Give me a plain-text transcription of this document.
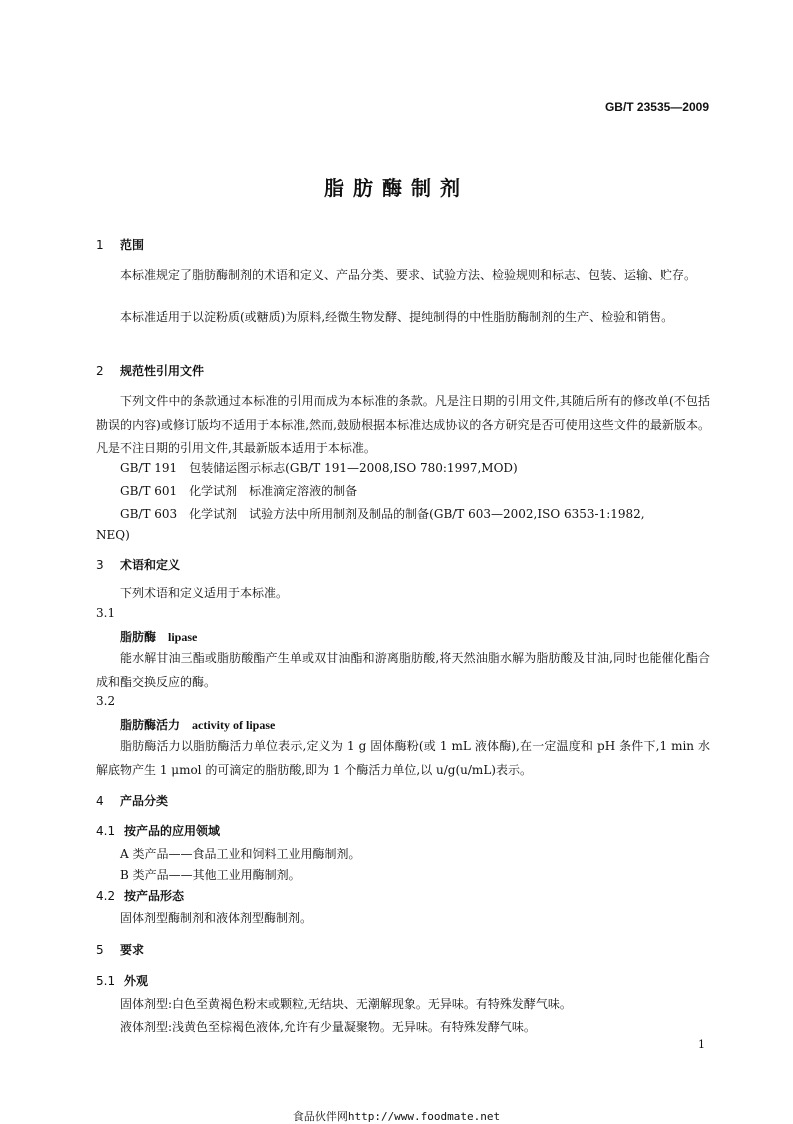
GB/T 23535—2009
脂肪酶制剂
1 范围
本标准规定了脂肪酶制剂的术语和定义、产品分类、要求、试验方法、检验规则和标志、包装、运输、贮存。
本标准适用于以淀粉质(或糖质)为原料,经微生物发酵、提纯制得的中性脂肪酶制剂的生产、检验和销售。
2 规范性引用文件
下列文件中的条款通过本标准的引用而成为本标准的条款。凡是注日期的引用文件,其随后所有的修改单(不包括勘误的内容)或修订版均不适用于本标准,然而,鼓励根据本标准达成协议的各方研究是否可使用这些文件的最新版本。凡是不注日期的引用文件,其最新版本适用于本标准。
GB/T 191　包装储运图示标志(GB/T 191—2008,ISO 780:1997,MOD)
GB/T 601　化学试剂　标准滴定溶液的制备
GB/T 603　化学试剂　试验方法中所用制剂及制品的制备(GB/T 603—2002,ISO 6353-1:1982,
NEQ)
3 术语和定义
下列术语和定义适用于本标准。
3.1
脂肪酶 lipase
能水解甘油三酯或脂肪酸酯产生单或双甘油酯和游离脂肪酸,将天然油脂水解为脂肪酸及甘油,同时也能催化酯合成和酯交换反应的酶。
3.2
脂肪酶活力 activity of lipase
脂肪酶活力以脂肪酶活力单位表示,定义为 1 g 固体酶粉(或 1 mL 液体酶),在一定温度和 pH 条件下,1 min 水解底物产生 1 μmol 的可滴定的脂肪酸,即为 1 个酶活力单位,以 u/g(u/mL)表示。
4 产品分类
4.1 按产品的应用领域
A 类产品——食品工业和饲料工业用酶制剂。
B 类产品——其他工业用酶制剂。
4.2 按产品形态
固体剂型酶制剂和液体剂型酶制剂。
5 要求
5.1 外观
固体剂型:白色至黄褐色粉末或颗粒,无结块、无潮解现象。无异味。有特殊发酵气味。
液体剂型:浅黄色至棕褐色液体,允许有少量凝聚物。无异味。有特殊发酵气味。
1
食品伙伴网http://www.foodmate.net
